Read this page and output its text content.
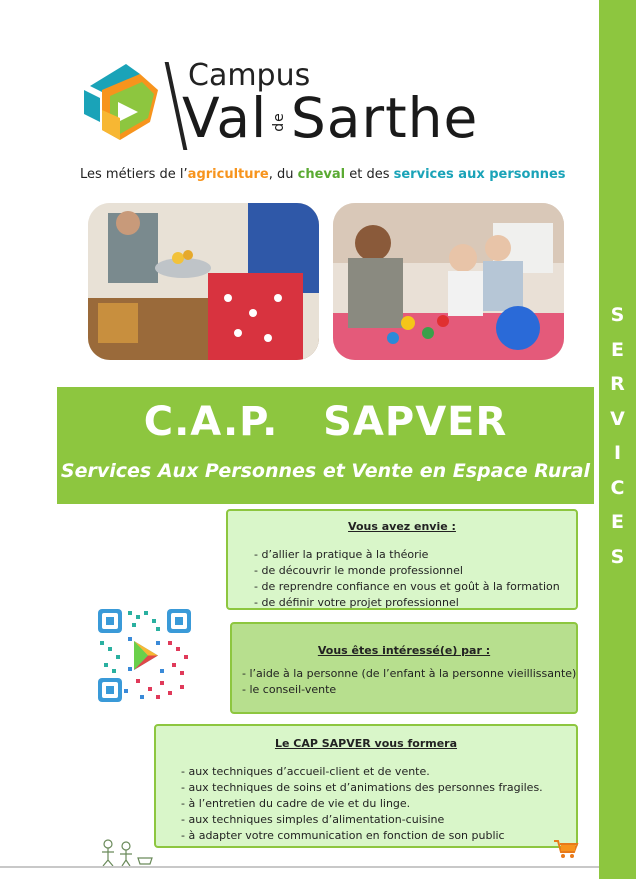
Campus
Val deSarthe
Les métiers de l’agriculture, du cheval et des services aux personnes
C.A.P.   SAPVER
Services Aux Personnes et Vente en Espace Rural
S
E
R
V
I
C
E
S
Vous avez envie :
- d’allier la pratique à la théorie
- de découvrir le monde professionnel
- de reprendre confiance en vous et goût à la formation
- de définir votre projet professionnel
Vous êtes intéressé(e) par :
- l’aide à la personne (de l’enfant à la personne vieillissante)
- le conseil-vente
Le CAP SAPVER vous formera
- aux techniques d’accueil-client et de vente.
- aux techniques de soins et d’animations des personnes fragiles.
- à l’entretien du cadre de vie et du linge.
- aux techniques simples d’alimentation-cuisine
- à adapter votre communication en fonction de son public
